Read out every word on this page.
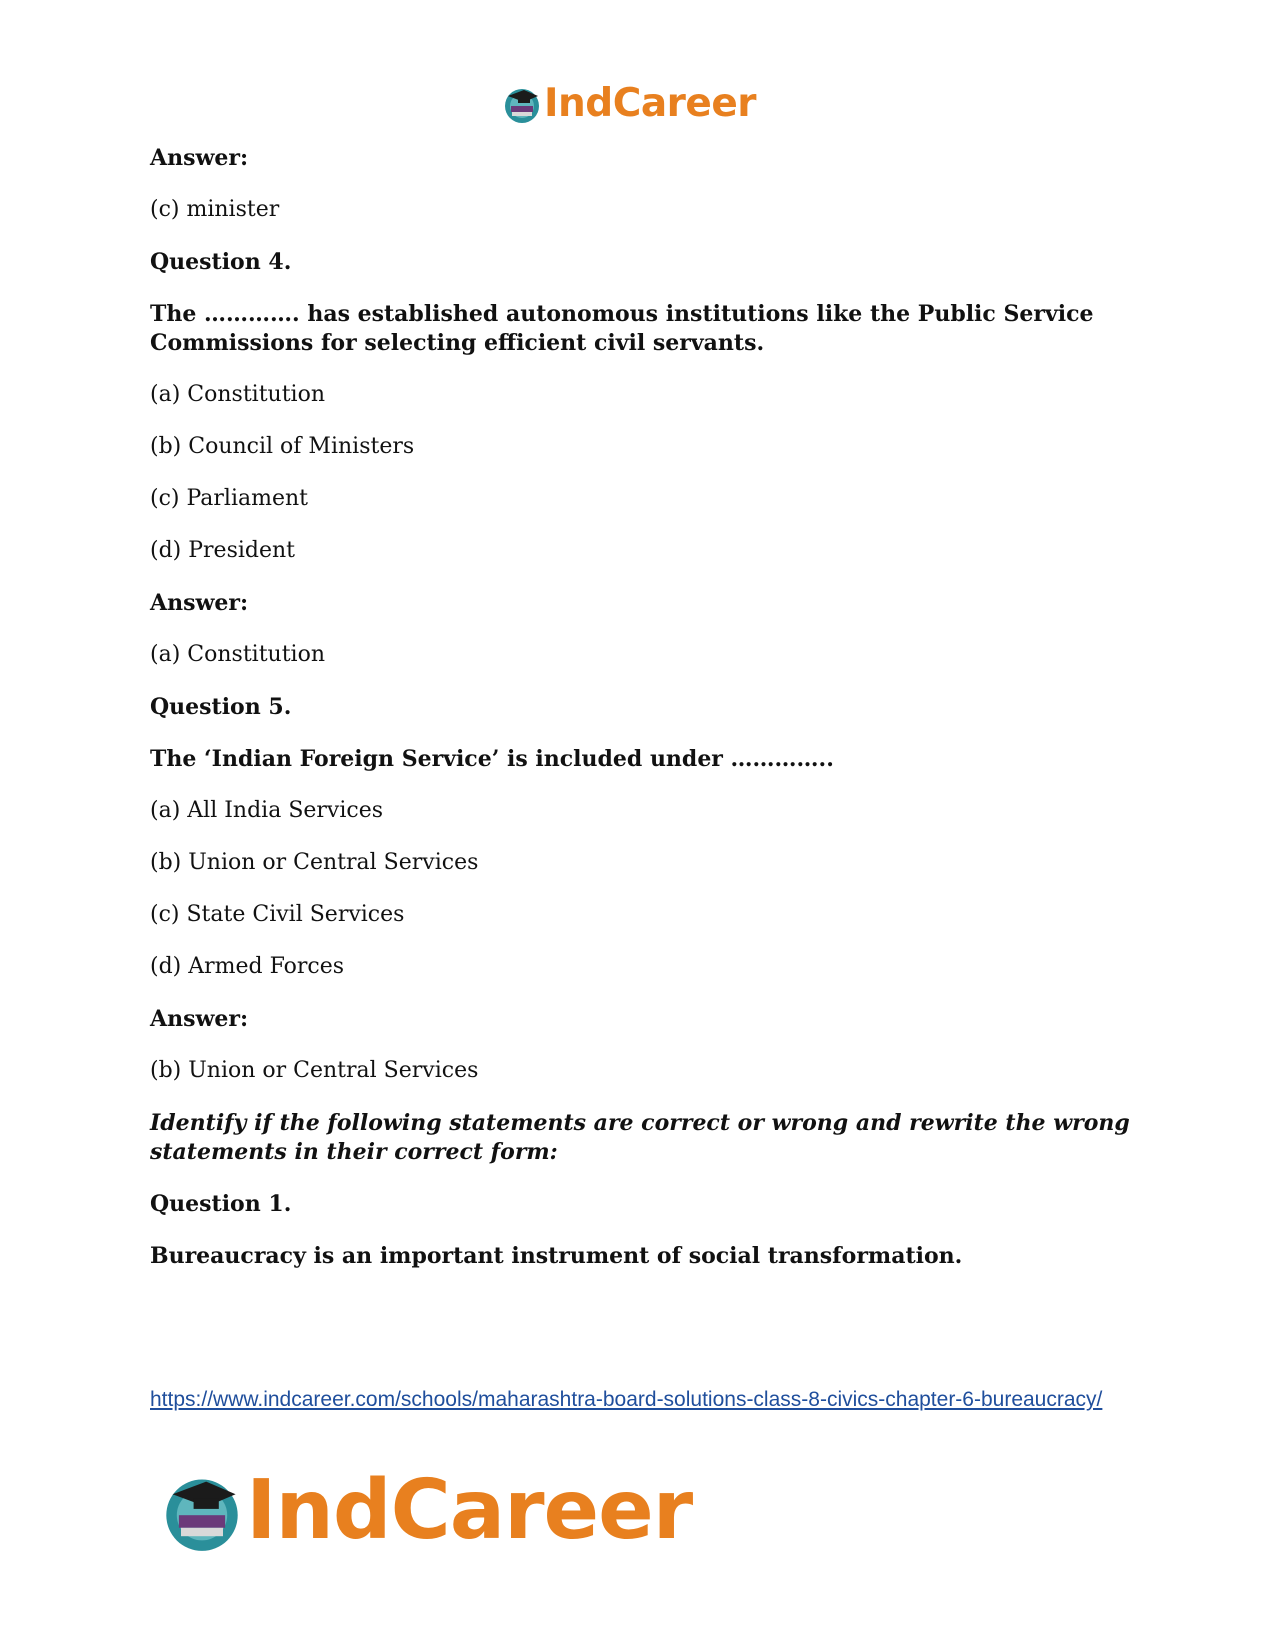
IndCareer
Answer:
(c) minister
Question 4.
The …………. has established autonomous institutions like the Public Service
Commissions for selecting efficient civil servants.
(a) Constitution
(b) Council of Ministers
(c) Parliament
(d) President
Answer:
(a) Constitution
Question 5.
The ‘Indian Foreign Service’ is included under …………..
(a) All India Services
(b) Union or Central Services
(c) State Civil Services
(d) Armed Forces
Answer:
(b) Union or Central Services
Identify if the following statements are correct or wrong and rewrite the wrong
statements in their correct form:
Question 1.
Bureaucracy is an important instrument of social transformation.
https://www.indcareer.com/schools/maharashtra-board-solutions-class-8-civics-chapter-6-bureaucracy/
IndCareer
